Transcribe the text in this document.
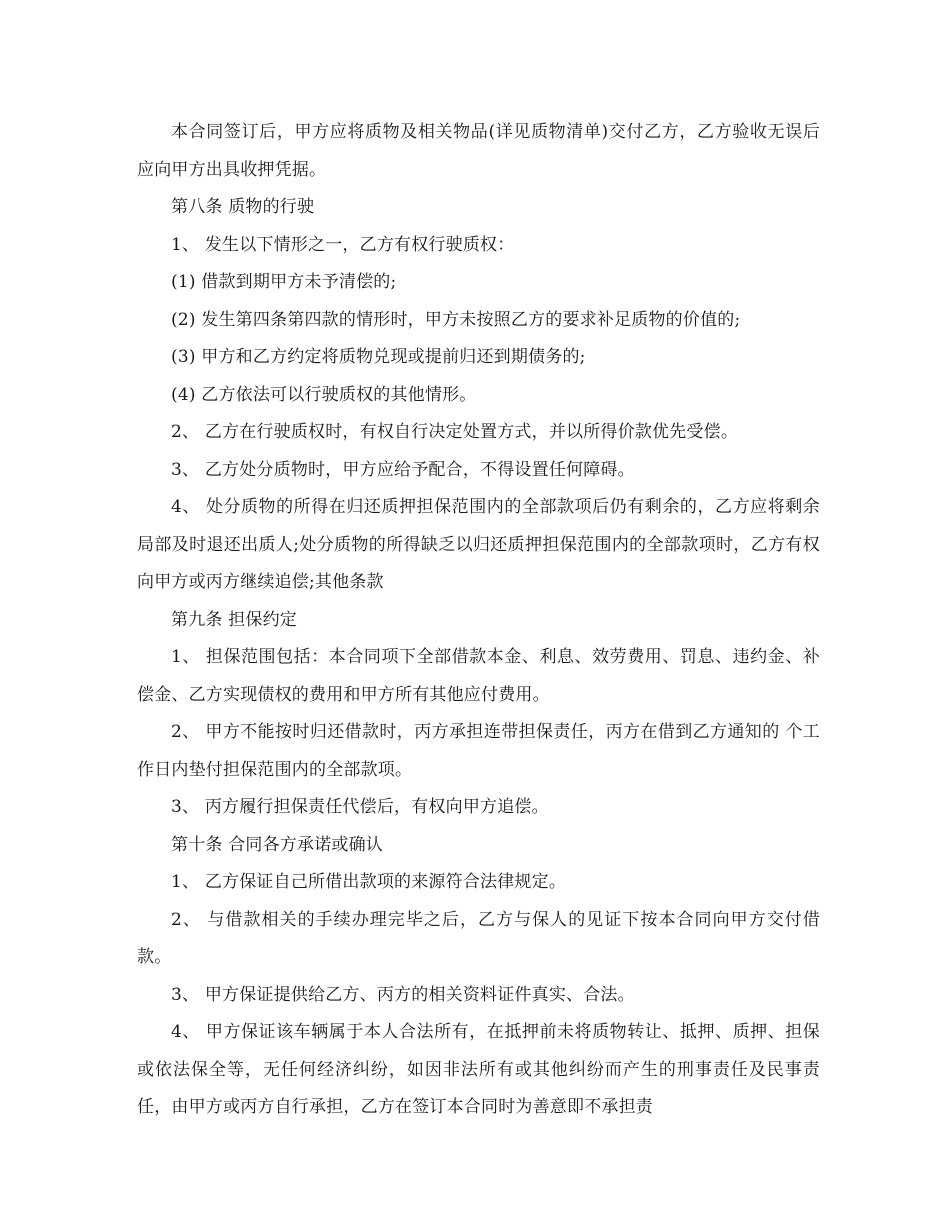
本合同签订后，甲方应将质物及相关物品(详见质物清单)交付乙方，乙方验收无误后应向甲方出具收押凭据。

第八条 质物的行驶

1、 发生以下情形之一，乙方有权行驶质权：

(1) 借款到期甲方未予清偿的;

(2) 发生第四条第四款的情形时，甲方未按照乙方的要求补足质物的价值的;

(3) 甲方和乙方约定将质物兑现或提前归还到期债务的;

(4) 乙方依法可以行驶质权的其他情形。

2、 乙方在行驶质权时，有权自行决定处置方式，并以所得价款优先受偿。

3、 乙方处分质物时，甲方应给予配合，不得设置任何障碍。

4、 处分质物的所得在归还质押担保范围内的全部款项后仍有剩余的，乙方应将剩余局部及时退还出质人;处分质物的所得缺乏以归还质押担保范围内的全部款项时，乙方有权向甲方或丙方继续追偿;其他条款

第九条 担保约定

1、 担保范围包括：本合同项下全部借款本金、利息、效劳费用、罚息、违约金、补偿金、乙方实现债权的费用和甲方所有其他应付费用。

2、 甲方不能按时归还借款时，丙方承担连带担保责任，丙方在借到乙方通知的 个工作日内垫付担保范围内的全部款项。

3、 丙方履行担保责任代偿后，有权向甲方追偿。

第十条 合同各方承诺或确认

1、 乙方保证自己所借出款项的来源符合法律规定。

2、 与借款相关的手续办理完毕之后，乙方与保人的见证下按本合同向甲方交付借款。

3、 甲方保证提供给乙方、丙方的相关资料证件真实、合法。

4、 甲方保证该车辆属于本人合法所有，在抵押前未将质物转让、抵押、质押、担保或依法保全等，无任何经济纠纷，如因非法所有或其他纠纷而产生的刑事责任及民事责任，由甲方或丙方自行承担，乙方在签订本合同时为善意即不承担责
